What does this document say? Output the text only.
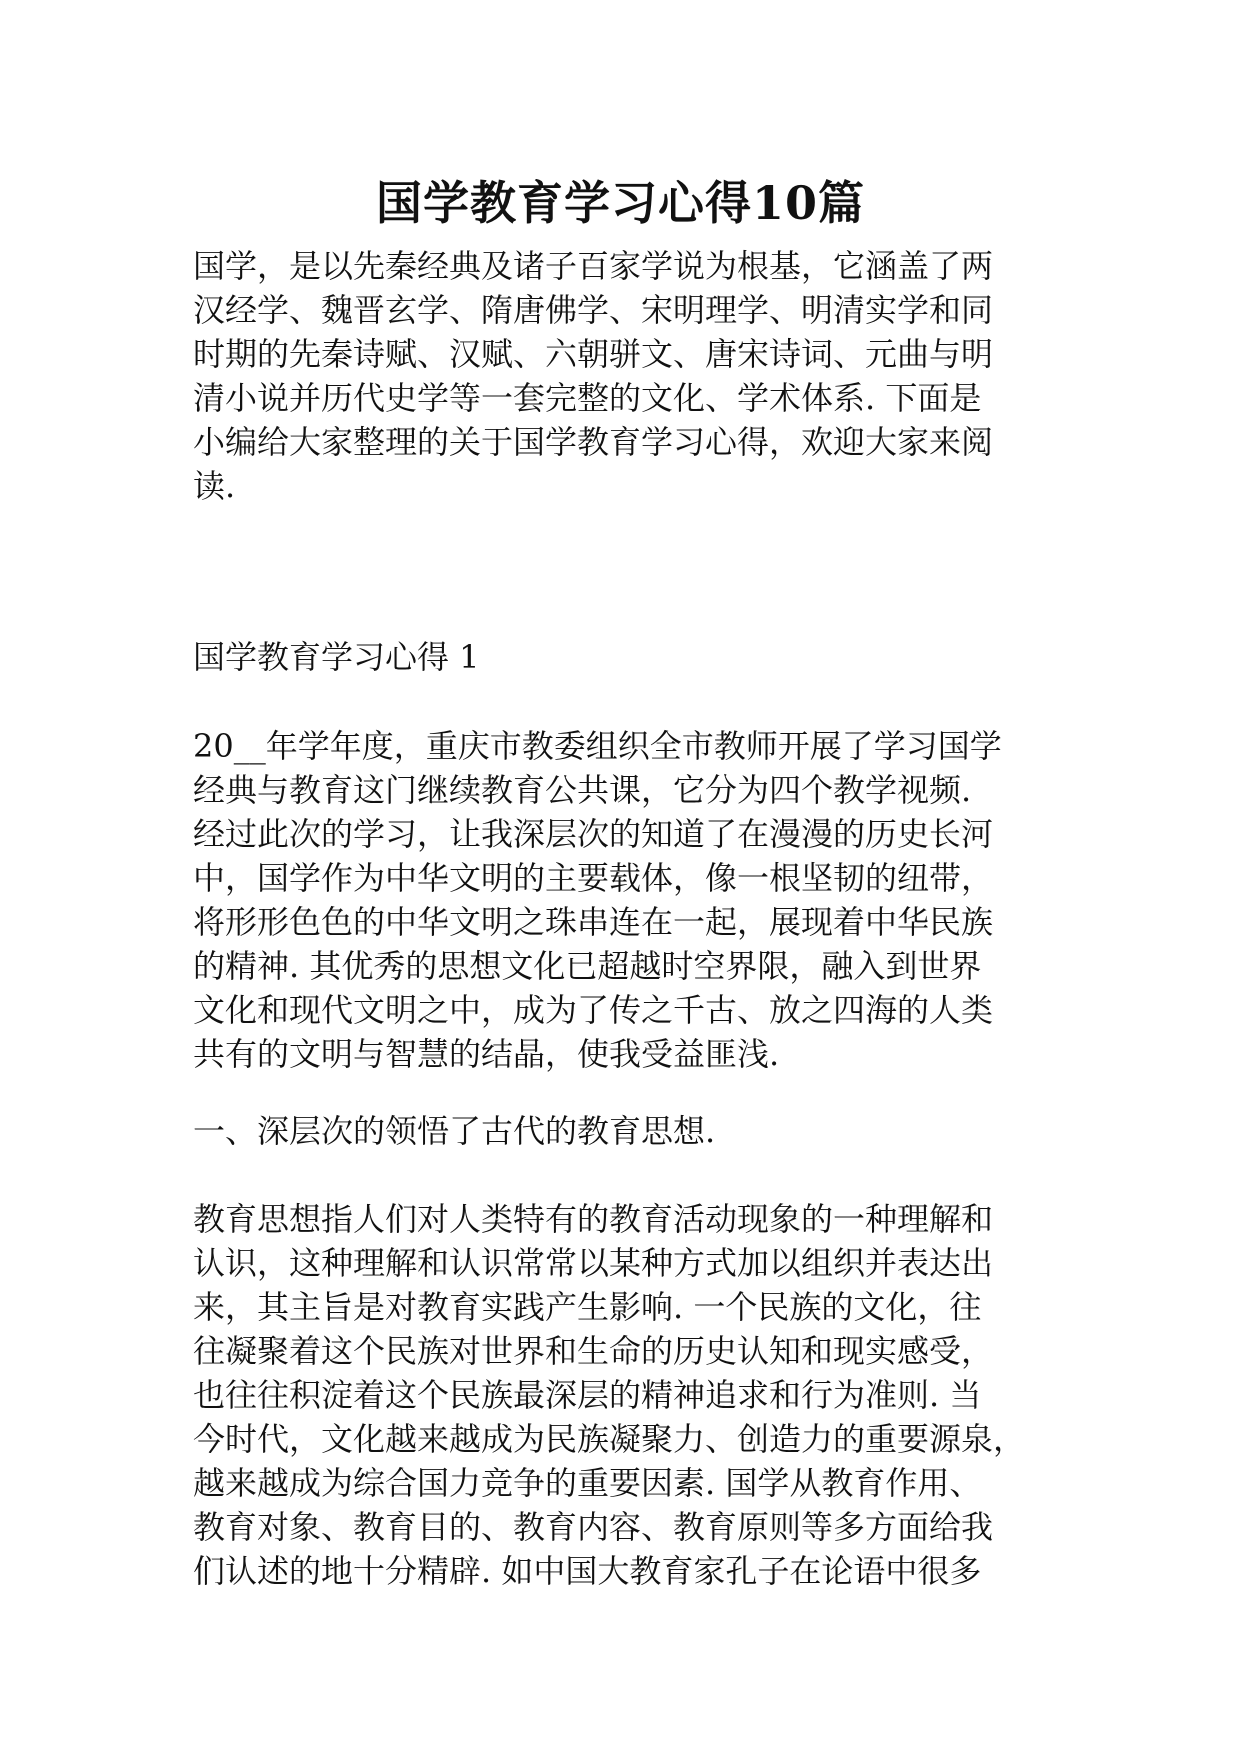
国学教育学习心得10篇
国学，是以先秦经典及诸子百家学说为根基，它涵盖了两
汉经学、魏晋玄学、隋唐佛学、宋明理学、明清实学和同
时期的先秦诗赋、汉赋、六朝骈文、唐宋诗词、元曲与明
清小说并历代史学等一套完整的文化、学术体系. 下面是
小编给大家整理的关于国学教育学习心得，欢迎大家来阅
读.
国学教育学习心得 1
20__年学年度，重庆市教委组织全市教师开展了学习国学
经典与教育这门继续教育公共课，它分为四个教学视频.
经过此次的学习，让我深层次的知道了在漫漫的历史长河
中，国学作为中华文明的主要载体，像一根坚韧的纽带，
将形形色色的中华文明之珠串连在一起，展现着中华民族
的精神. 其优秀的思想文化已超越时空界限，融入到世界
文化和现代文明之中，成为了传之千古、放之四海的人类
共有的文明与智慧的结晶，使我受益匪浅.
一、深层次的领悟了古代的教育思想.
教育思想指人们对人类特有的教育活动现象的一种理解和
认识，这种理解和认识常常以某种方式加以组织并表达出
来，其主旨是对教育实践产生影响. 一个民族的文化，往
往凝聚着这个民族对世界和生命的历史认知和现实感受，
也往往积淀着这个民族最深层的精神追求和行为准则. 当
今时代，文化越来越成为民族凝聚力、创造力的重要源泉，
越来越成为综合国力竞争的重要因素. 国学从教育作用、
教育对象、教育目的、教育内容、教育原则等多方面给我
们认述的地十分精辟. 如中国大教育家孔子在论语中很多
